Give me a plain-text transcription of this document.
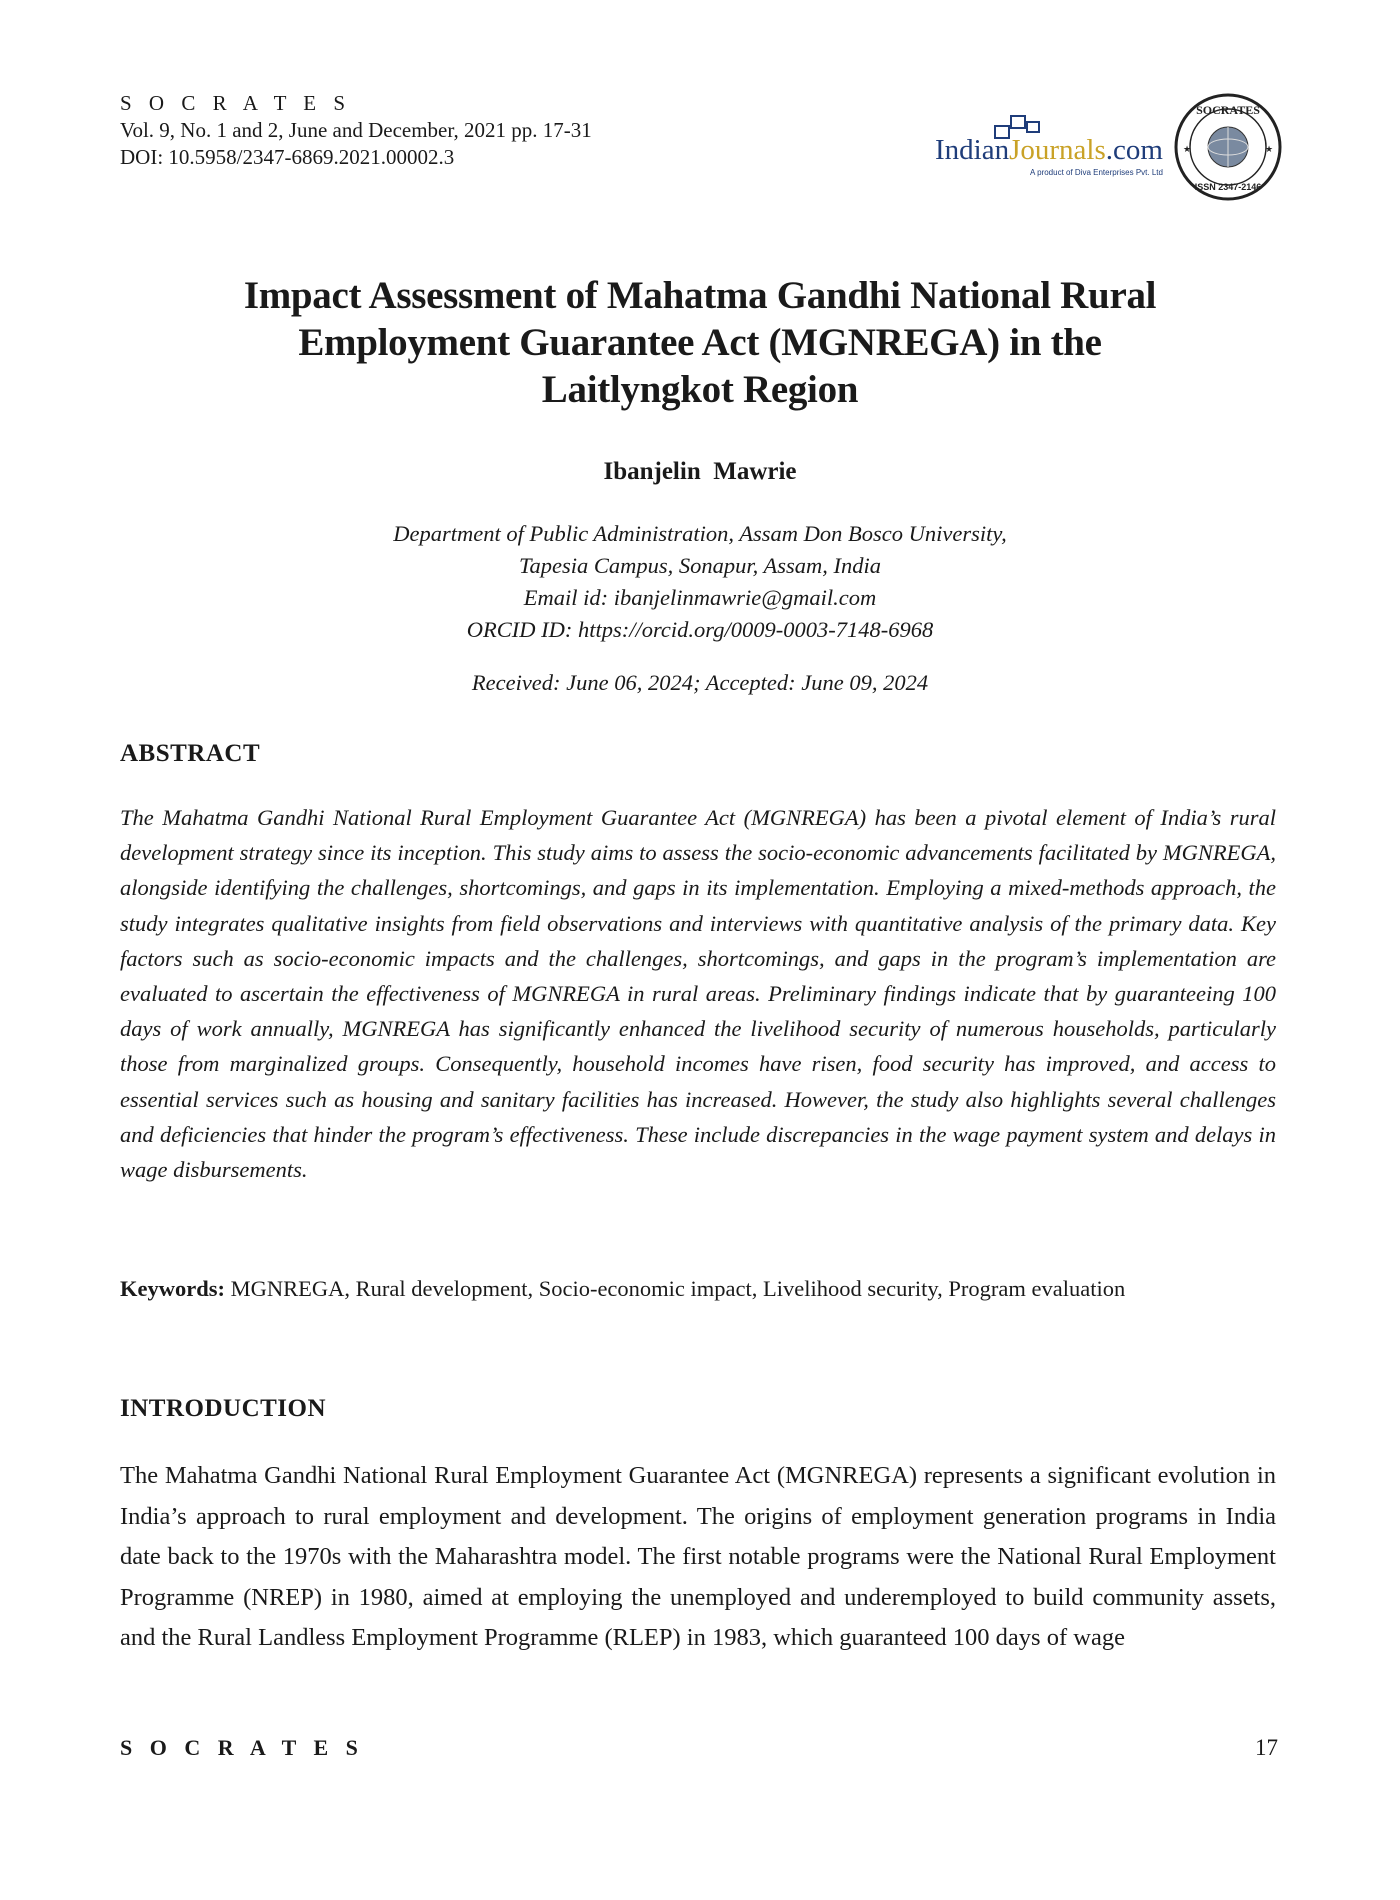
S O C R A T E S
Vol. 9, No. 1 and 2, June and December, 2021 pp. 17-31
DOI: 10.5958/2347-6869.2021.00002.3	IndianJournals.com
A product of Diva Enterprises Pvt. Ltd
SOCRATES
ISSN 2347-2146
★	★
Impact Assessment of Mahatma Gandhi National Rural
Employment Guarantee Act (MGNREGA) in the
Laitlyngkot Region
Ibanjelin  Mawrie
Department of Public Administration, Assam Don Bosco University,
Tapesia Campus, Sonapur, Assam, India
Email id: ibanjelinmawrie@gmail.com
ORCID ID: https://orcid.org/0009-0003-7148-6968
Received: June 06, 2024; Accepted: June 09, 2024
ABSTRACT
The Mahatma Gandhi National Rural Employment Guarantee Act (MGNREGA) has been a pivotal element of India’s rural development strategy since its inception. This study aims to assess the socio-economic advancements facilitated by MGNREGA, alongside identifying the challenges, shortcomings, and gaps in its implementation. Employing a mixed-methods approach, the study integrates qualitative insights from field observations and interviews with quantitative analysis of the primary data. Key factors such as socio-economic impacts and the challenges, shortcomings, and gaps in the program’s implementation are evaluated to ascertain the effectiveness of MGNREGA in rural areas. Preliminary findings indicate that by guaranteeing 100 days of work annually, MGNREGA has significantly enhanced the livelihood security of numerous households, particularly those from marginalized groups. Consequently, household incomes have risen, food security has improved, and access to essential services such as housing and sanitary facilities has increased. However, the study also highlights several challenges and deficiencies that hinder the program’s effectiveness. These include discrepancies in the wage payment system and delays in wage disbursements.
Keywords: MGNREGA, Rural development, Socio-economic impact, Livelihood security, Program evaluation
INTRODUCTION
The Mahatma Gandhi National Rural Employment Guarantee Act (MGNREGA) represents a significant evolution in India’s approach to rural employment and development. The origins of employment generation programs in India date back to the 1970s with the Maharashtra model. The first notable programs were the National Rural Employment Programme (NREP) in 1980, aimed at employing the unemployed and underemployed to build community assets, and the Rural Landless Employment Programme (RLEP) in 1983, which guaranteed 100 days of wage
S O C R A T E S	17
